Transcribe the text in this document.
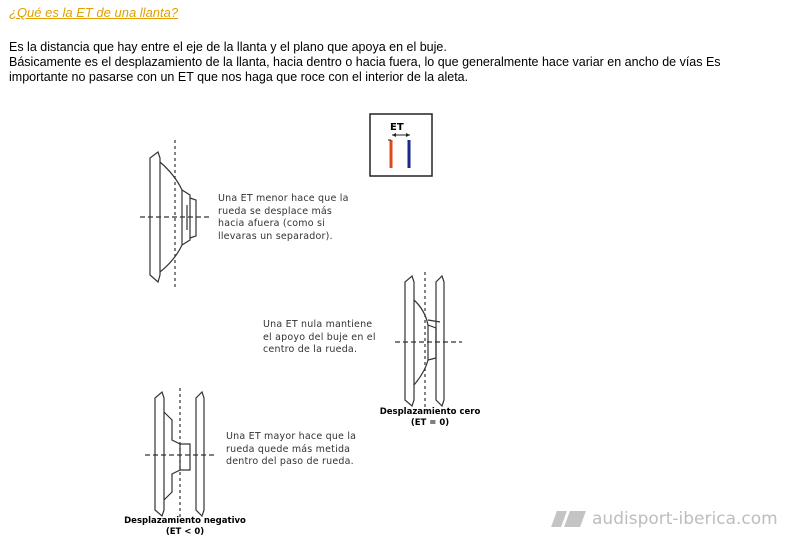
¿Qué es la ET de una llanta?
Es la distancia que hay entre el eje de la llanta y el plano que apoya en el buje.
Básicamente es el desplazamiento de la llanta, hacia dentro o hacia fuera, lo que generalmente hace variar en ancho de vías Es
importante no pasarse con un ET que nos haga que roce con el interior de la aleta.
Una ET menor hace que la
rueda se desplace más
hacia afuera (como si
llevaras un separador).
Una ET nula mantiene
el apoyo del buje en el
centro de la rueda.
Una ET mayor hace que la
rueda quede más metida
dentro del paso de rueda.
ET
Desplazamiento cero
(ET = 0)
Desplazamiento negativo
(ET < 0)
audisport-iberica.com
